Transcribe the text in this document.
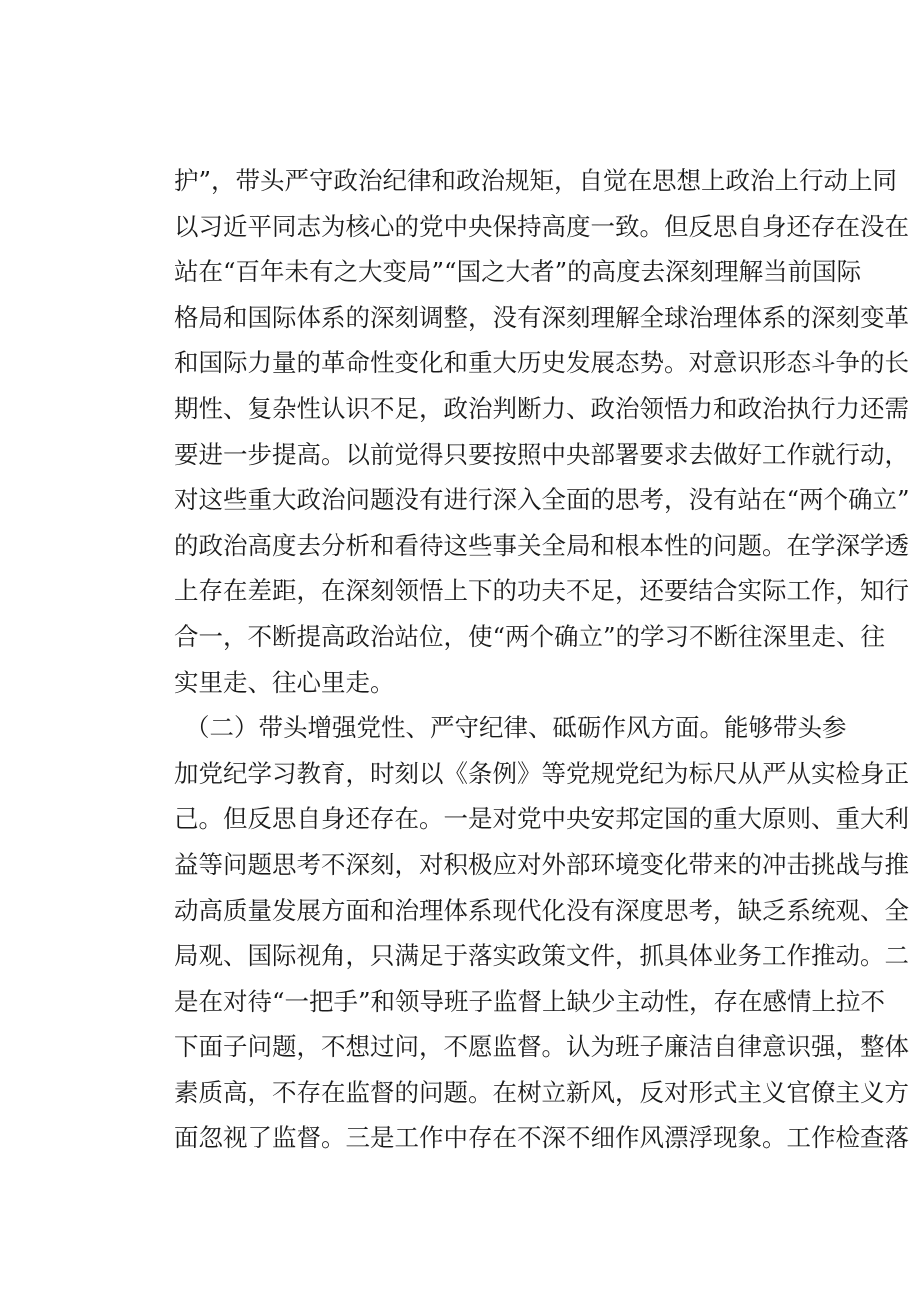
护”，带头严守政治纪律和政治规矩，自觉在思想上政治上行动上同
以习近平同志为核心的党中央保持高度一致。但反思自身还存在没在
站在“百年未有之大变局”“国之大者”的高度去深刻理解当前国际
格局和国际体系的深刻调整，没有深刻理解全球治理体系的深刻变革
和国际力量的革命性变化和重大历史发展态势。对意识形态斗争的长
期性、复杂性认识不足，政治判断力、政治领悟力和政治执行力还需
要进一步提高。以前觉得只要按照中央部署要求去做好工作就行动，
对这些重大政治问题没有进行深入全面的思考，没有站在“两个确立”
的政治高度去分析和看待这些事关全局和根本性的问题。在学深学透
上存在差距，在深刻领悟上下的功夫不足，还要结合实际工作，知行
合一，不断提高政治站位，使“两个确立”的学习不断往深里走、往
实里走、往心里走。
（二）带头增强党性、严守纪律、砥砺作风方面。能够带头参
加党纪学习教育，时刻以《条例》等党规党纪为标尺从严从实检身正
己。但反思自身还存在。一是对党中央安邦定国的重大原则、重大利
益等问题思考不深刻，对积极应对外部环境变化带来的冲击挑战与推
动高质量发展方面和治理体系现代化没有深度思考，缺乏系统观、全
局观、国际视角，只满足于落实政策文件，抓具体业务工作推动。二
是在对待“一把手”和领导班子监督上缺少主动性，存在感情上拉不
下面子问题，不想过问，不愿监督。认为班子廉洁自律意识强，整体
素质高，不存在监督的问题。在树立新风，反对形式主义官僚主义方
面忽视了监督。三是工作中存在不深不细作风漂浮现象。工作检查落
